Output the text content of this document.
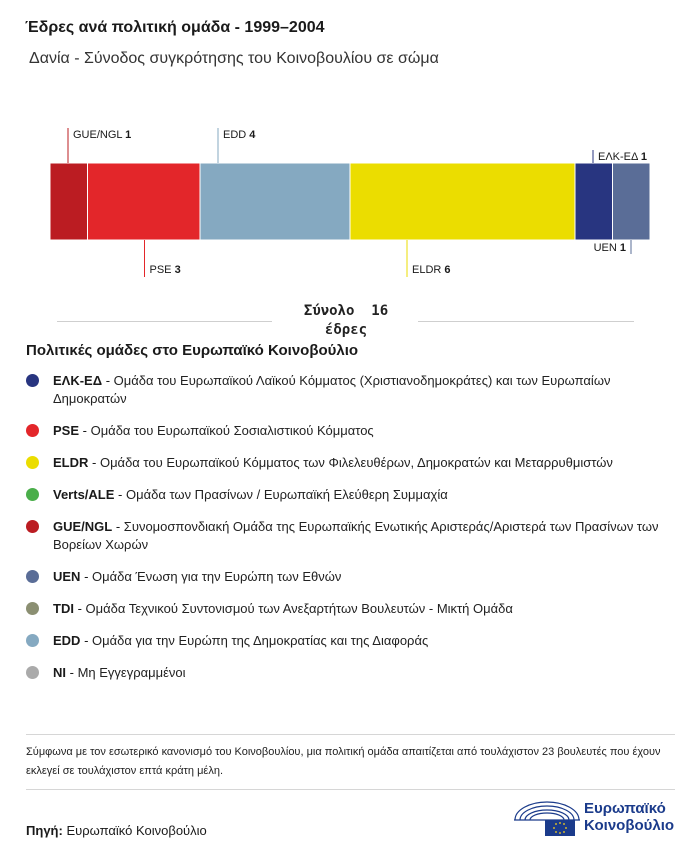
Έδρες ανά πολιτική ομάδα - 1999–2004
Δανία - Σύνοδος συγκρότησης του Κοινοβουλίου σε σώμα
GUE/NGL 1
PSE 3
EDD 4
ELDR 6
ΕΛΚ-ΕΔ 1
UEN 1
Σύνολο 16
έδρες
Πολιτικές ομάδες στο Ευρωπαϊκό Κοινοβούλιο
ΕΛΚ-ΕΔ - Ομάδα του Ευρωπαϊκού Λαϊκού Κόμματος (Χριστιανοδημοκράτες) και των Ευρωπαίων Δημοκρατών
PSE - Ομάδα του Ευρωπαϊκού Σοσιαλιστικού Κόμματος
ELDR - Ομάδα του Ευρωπαϊκού Κόμματος των Φιλελευθέρων, Δημοκρατών και Μεταρρυθμιστών
Verts/ALE - Ομάδα των Πρασίνων / Ευρωπαϊκή Ελεύθερη Συμμαχία
GUE/NGL - Συνομοσπονδιακή Ομάδα της Ευρωπαϊκής Ενωτικής Αριστεράς/Αριστερά των Πρασίνων των Βορείων Χωρών
UEN - Ομάδα Ένωση για την Ευρώπη των Εθνών
TDI - Ομάδα Τεχνικού Συντονισμού των Ανεξαρτήτων Βουλευτών - Μικτή Ομάδα
EDD - Ομάδα για την Ευρώπη της Δημοκρατίας και της Διαφοράς
NI - Μη Εγγεγραμμένοι
Σύμφωνα με τον εσωτερικό κανονισμό του Κοινοβουλίου, μια πολιτική ομάδα απαιτίζεται από τουλάχιστον 23 βουλευτές που έχουν εκλεγεί σε τουλάχιστον επτά κράτη μέλη.
Πηγή: Ευρωπαϊκό Κοινοβούλιο
Ευρωπαϊκό
Κοινοβούλιο
